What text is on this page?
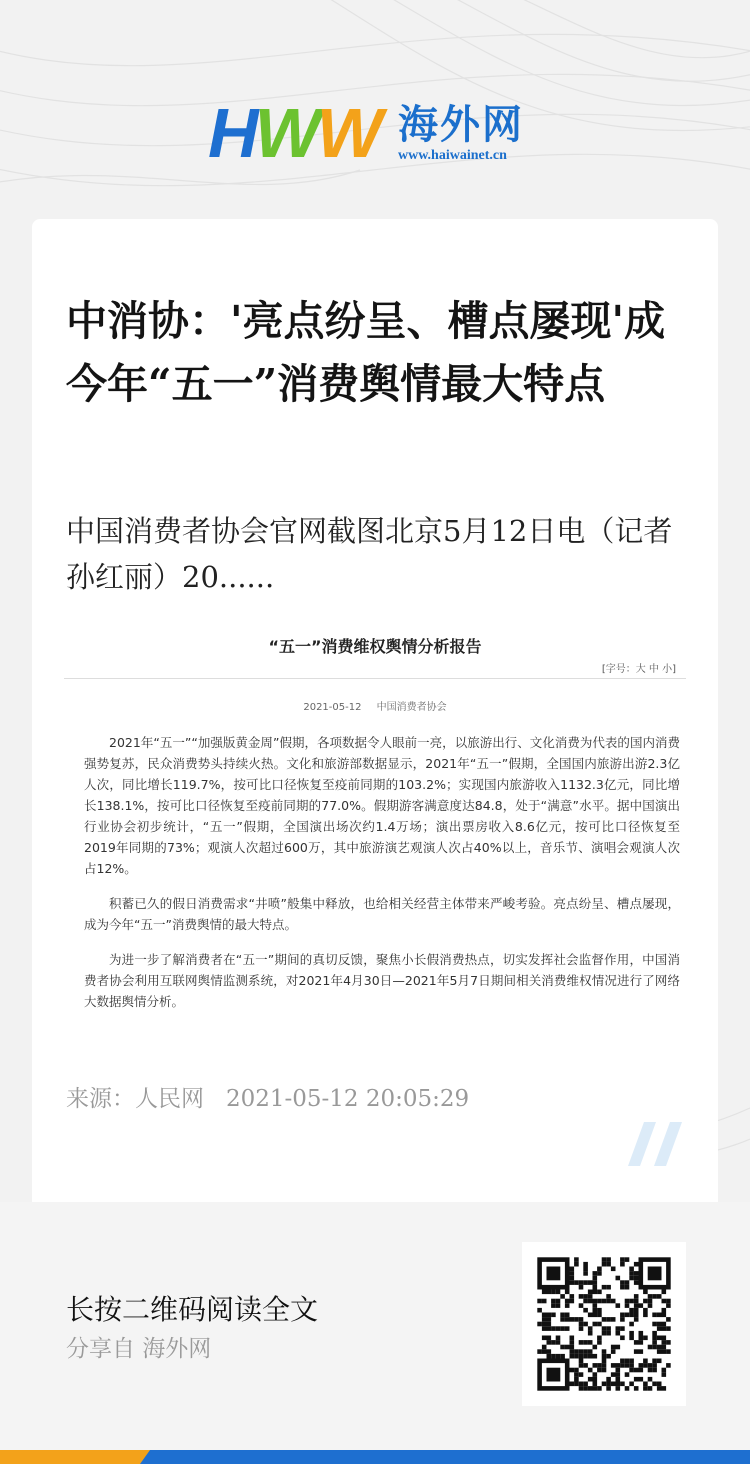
HWW 海外网
www.haiwainet.cn
中消协：'亮点纷呈、槽点屡现'成今年“五一”消费舆情最大特点

中国消费者协会官网截图北京5月12日电（记者孙红丽）20......

“五一”消费维权舆情分析报告
[字号：大 中 小]
2021-05-12 中国消费者协会

2021年“五一”“加强版黄金周”假期，各项数据令人眼前一亮，以旅游出行、文化消费为代表的国内消费强势复苏，民众消费势头持续火热。文化和旅游部数据显示，2021年“五一”假期，全国国内旅游出游2.3亿人次，同比增长119.7%，按可比口径恢复至疫前同期的103.2%；实现国内旅游收入1132.3亿元，同比增长138.1%，按可比口径恢复至疫前同期的77.0%。假期游客满意度达84.8，处于“满意”水平。据中国演出行业协会初步统计，“五一”假期，全国演出场次约1.4万场；演出票房收入8.6亿元，按可比口径恢复至2019年同期的73%；观演人次超过600万，其中旅游演艺观演人次占40%以上，音乐节、演唱会观演人次占12%。

积蓄已久的假日消费需求“井喷”般集中释放，也给相关经营主体带来严峻考验。亮点纷呈、槽点屡现，成为今年“五一”消费舆情的最大特点。

为进一步了解消费者在“五一”期间的真切反馈，聚焦小长假消费热点，切实发挥社会监督作用，中国消费者协会利用互联网舆情监测系统，对2021年4月30日—2021年5月7日期间相关消费维权情况进行了网络大数据舆情分析。

来源：人民网 2021-05-12 20:05:29
长按二维码阅读全文
分享自 海外网
